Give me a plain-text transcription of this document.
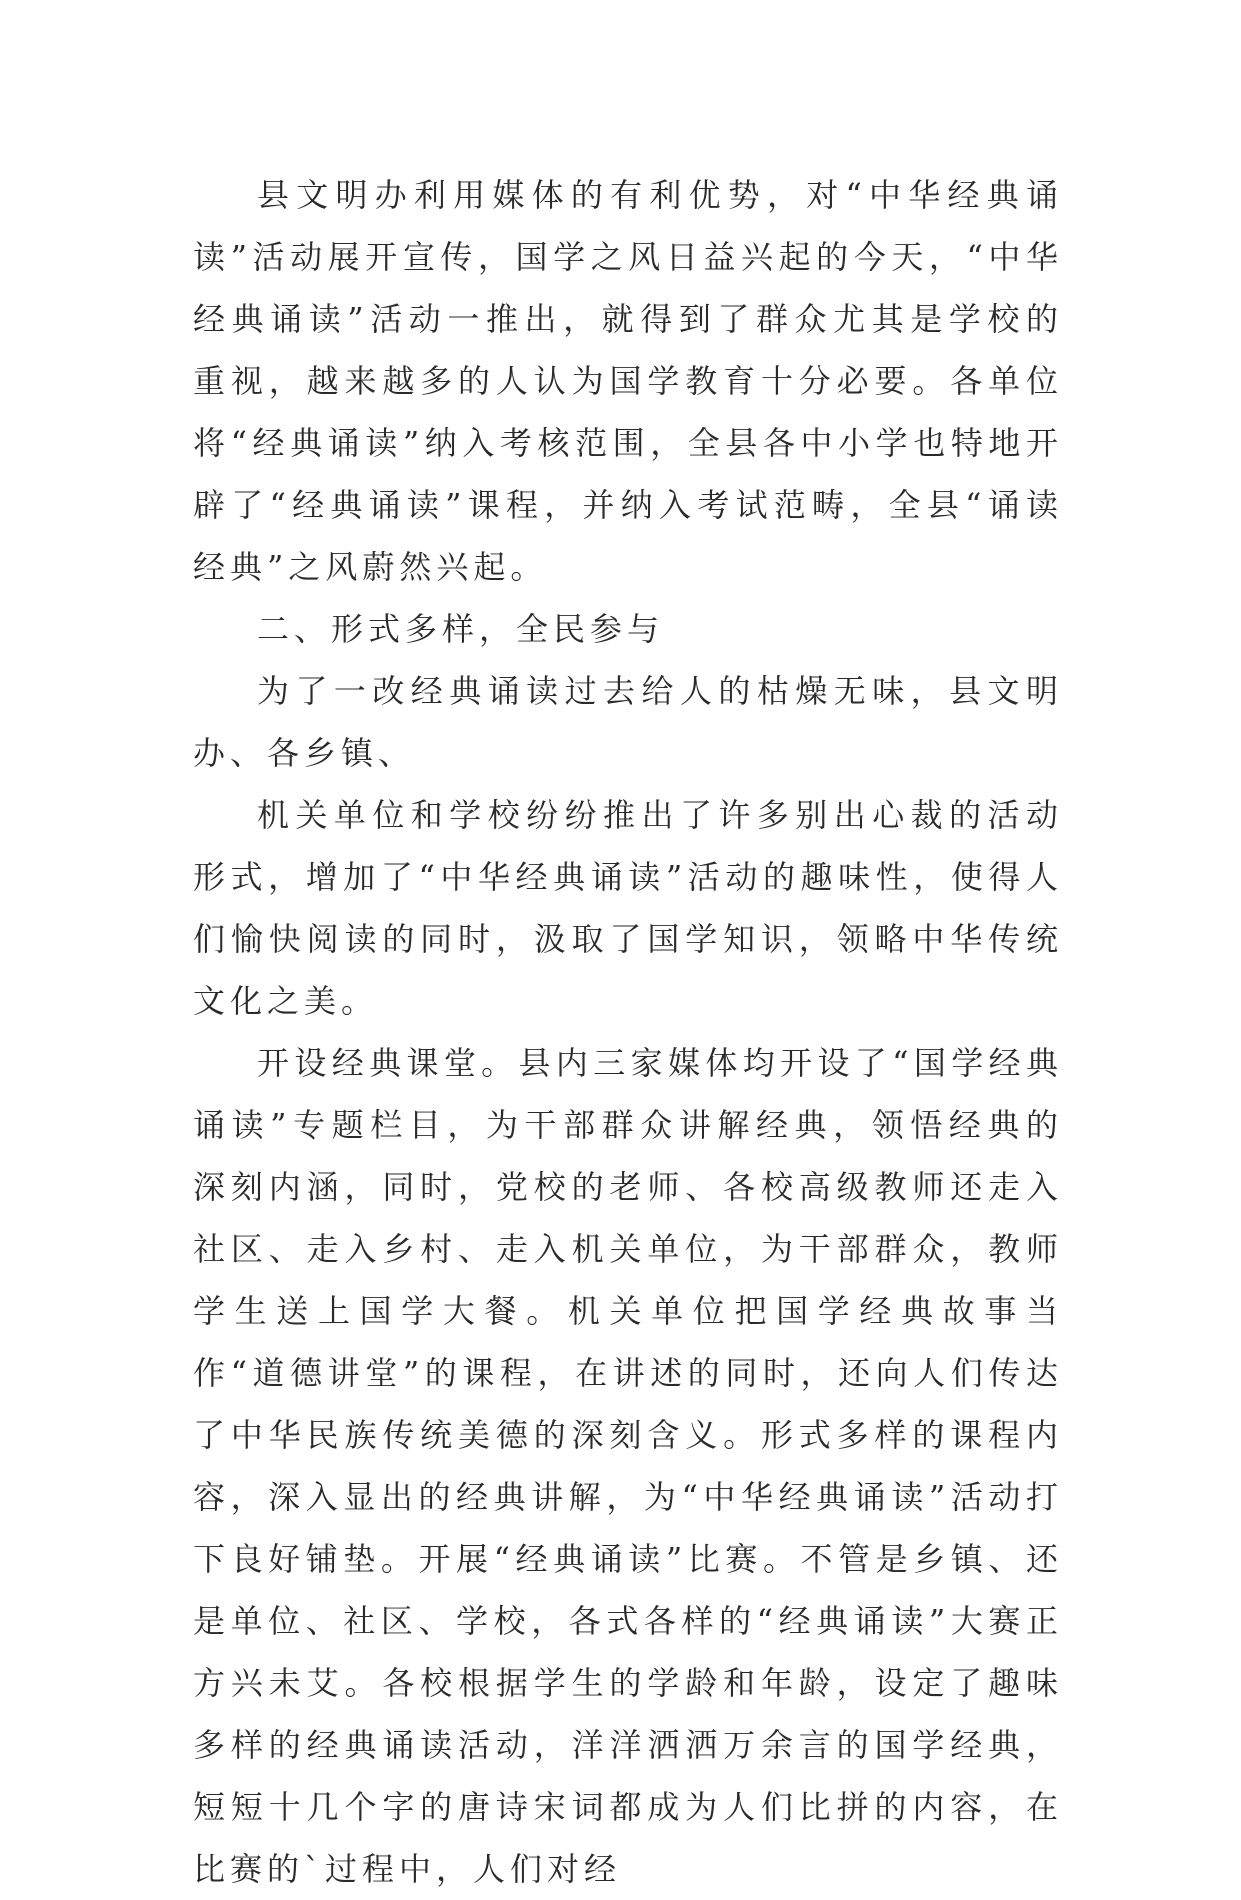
县文明办利用媒体的有利优势，对“中华经典诵读”活动展开宣传，国学之风日益兴起的今天，“中华经典诵读”活动一推出，就得到了群众尤其是学校的重视，越来越多的人认为国学教育十分必要。各单位将“经典诵读”纳入考核范围，全县各中小学也特地开辟了“经典诵读”课程，并纳入考试范畴，全县“诵读经典”之风蔚然兴起。

二、形式多样，全民参与

为了一改经典诵读过去给人的枯燥无味，县文明办、各乡镇、

机关单位和学校纷纷推出了许多别出心裁的活动形式，增加了“中华经典诵读”活动的趣味性，使得人们愉快阅读的同时，汲取了国学知识，领略中华传统文化之美。

开设经典课堂。县内三家媒体均开设了“国学经典诵读”专题栏目，为干部群众讲解经典，领悟经典的深刻内涵，同时，党校的老师、各校高级教师还走入社区、走入乡村、走入机关单位，为干部群众，教师学生送上国学大餐。机关单位把国学经典故事当作“道德讲堂”的课程，在讲述的同时，还向人们传达了中华民族传统美德的深刻含义。形式多样的课程内容，深入显出的经典讲解，为“中华经典诵读”活动打下良好铺垫。开展“经典诵读”比赛。不管是乡镇、还是单位、社区、学校，各式各样的“经典诵读”大赛正方兴未艾。各校根据学生的学龄和年龄，设定了趣味多样的经典诵读活动，洋洋洒洒万余言的国学经典，短短十几个字的唐诗宋词都成为人们比拼的内容，在比赛的`过程中，人们对经
